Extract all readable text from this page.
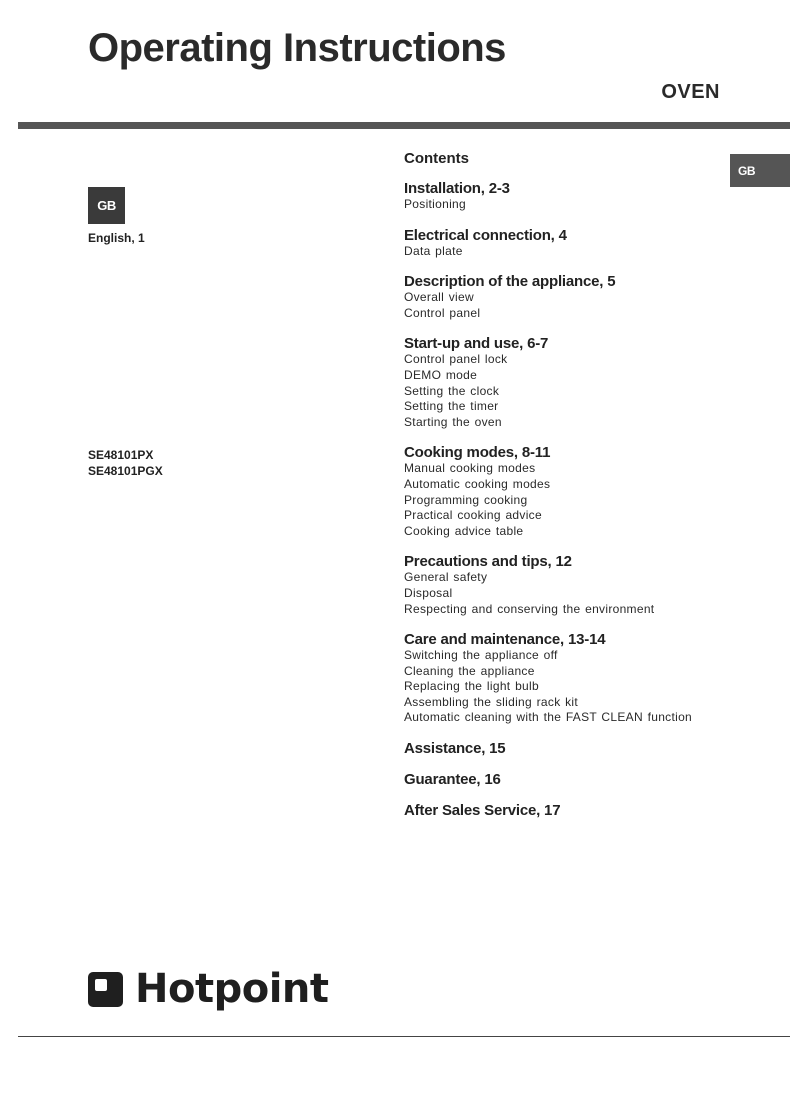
Operating Instructions
OVEN
GB
English, 1
SE48101PX
SE48101PGX
GB
Contents
Installation, 2-3
Positioning
Electrical connection, 4
Data plate
Description of the appliance, 5
Overall view
Control panel
Start-up and use, 6-7
Control panel lock
DEMO mode
Setting the clock
Setting the timer
Starting the oven
Cooking modes, 8-11
Manual cooking modes
Automatic cooking modes
Programming cooking
Practical cooking advice
Cooking advice table
Precautions and tips, 12
General safety
Disposal
Respecting and conserving the environment
Care and maintenance, 13-14
Switching the appliance off
Cleaning the appliance
Replacing the light bulb
Assembling the sliding rack kit
Automatic cleaning with the FAST CLEAN function
Assistance, 15
Guarantee, 16
After Sales Service, 17
Hotpoint
